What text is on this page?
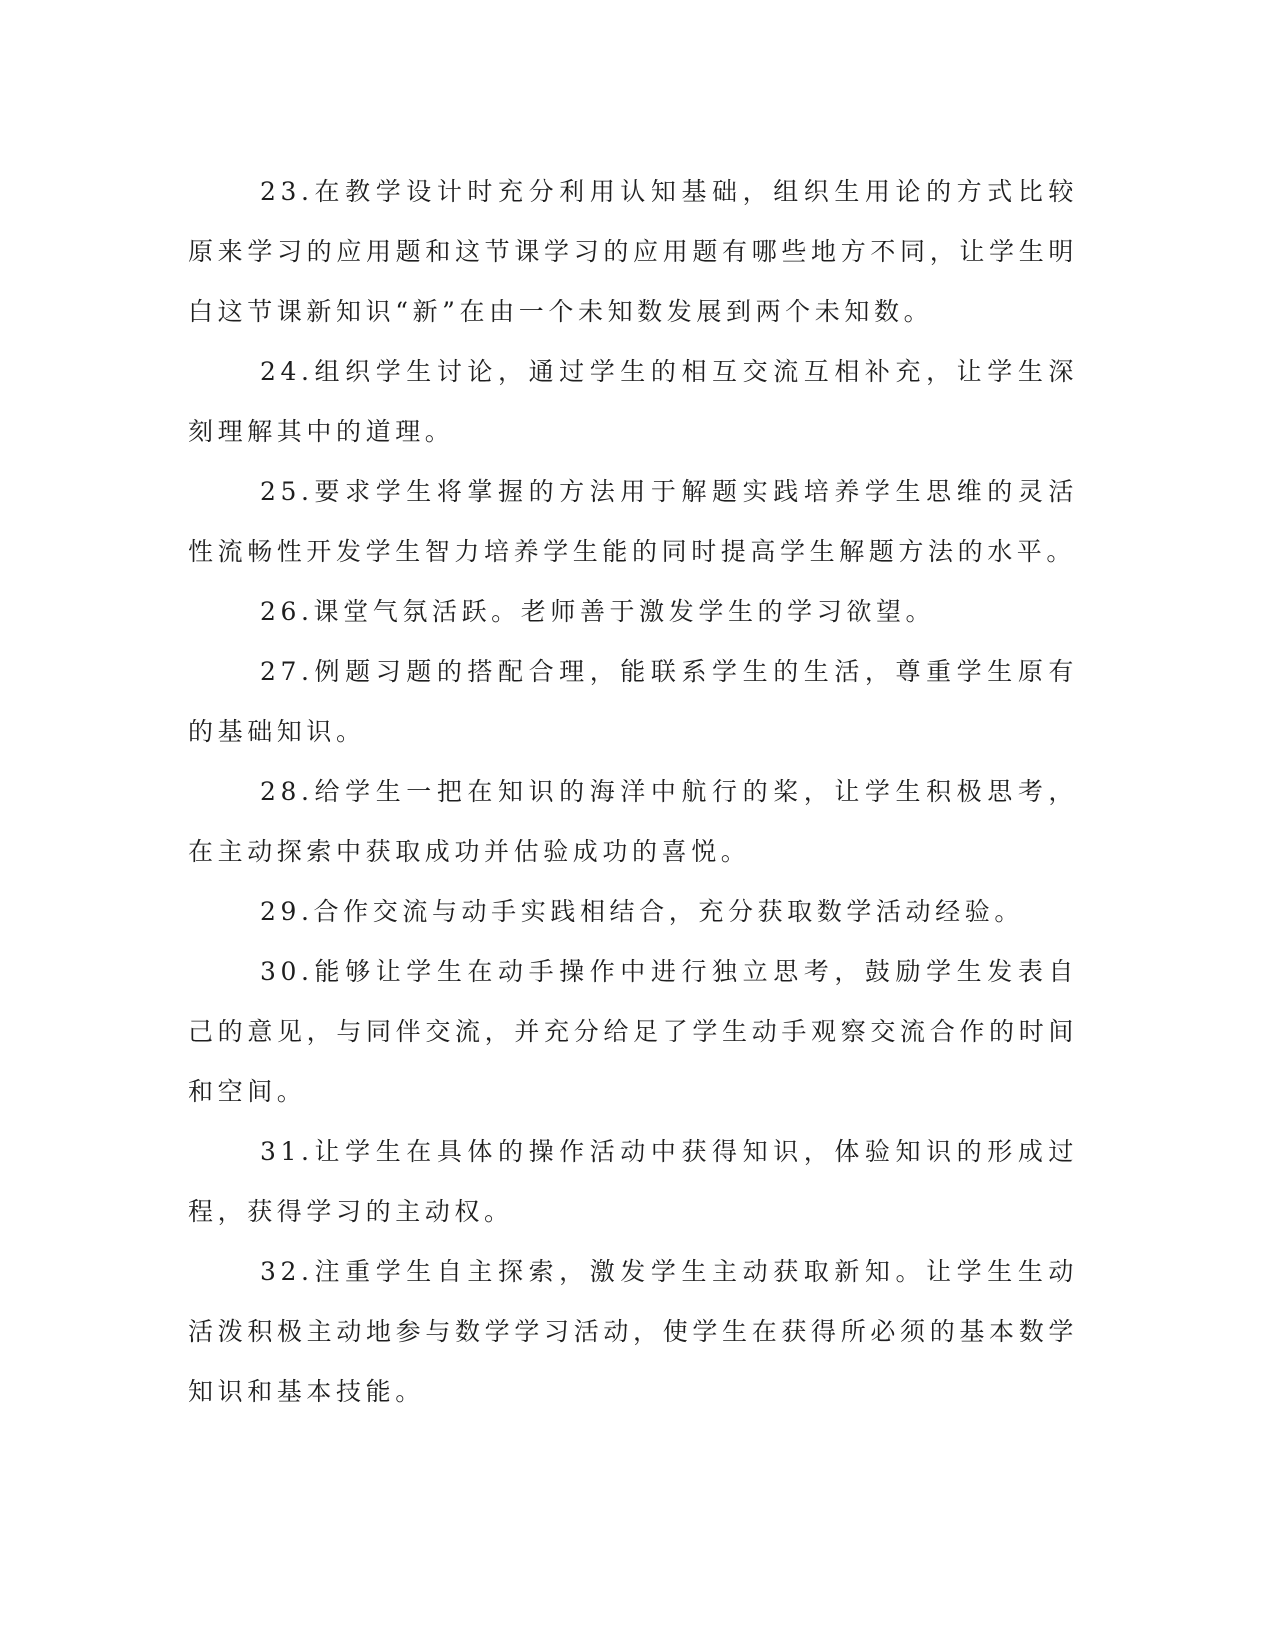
23.在教学设计时充分利用认知基础，组织生用论的方式比较原来学习的应用题和这节课学习的应用题有哪些地方不同，让学生明白这节课新知识“新”在由一个未知数发展到两个未知数。

24.组织学生讨论，通过学生的相互交流互相补充，让学生深刻理解其中的道理。

25.要求学生将掌握的方法用于解题实践培养学生思维的灵活性流畅性开发学生智力培养学生能的同时提高学生解题方法的水平。

26.课堂气氛活跃。老师善于激发学生的学习欲望。

27.例题习题的搭配合理，能联系学生的生活，尊重学生原有的基础知识。

28.给学生一把在知识的海洋中航行的桨，让学生积极思考，在主动探索中获取成功并估验成功的喜悦。

29.合作交流与动手实践相结合，充分获取数学活动经验。

30.能够让学生在动手操作中进行独立思考，鼓励学生发表自己的意见，与同伴交流，并充分给足了学生动手观察交流合作的时间和空间。

31.让学生在具体的操作活动中获得知识，体验知识的形成过程，获得学习的主动权。

32.注重学生自主探索，激发学生主动获取新知。让学生生动活泼积极主动地参与数学学习活动，使学生在获得所必须的基本数学知识和基本技能。
